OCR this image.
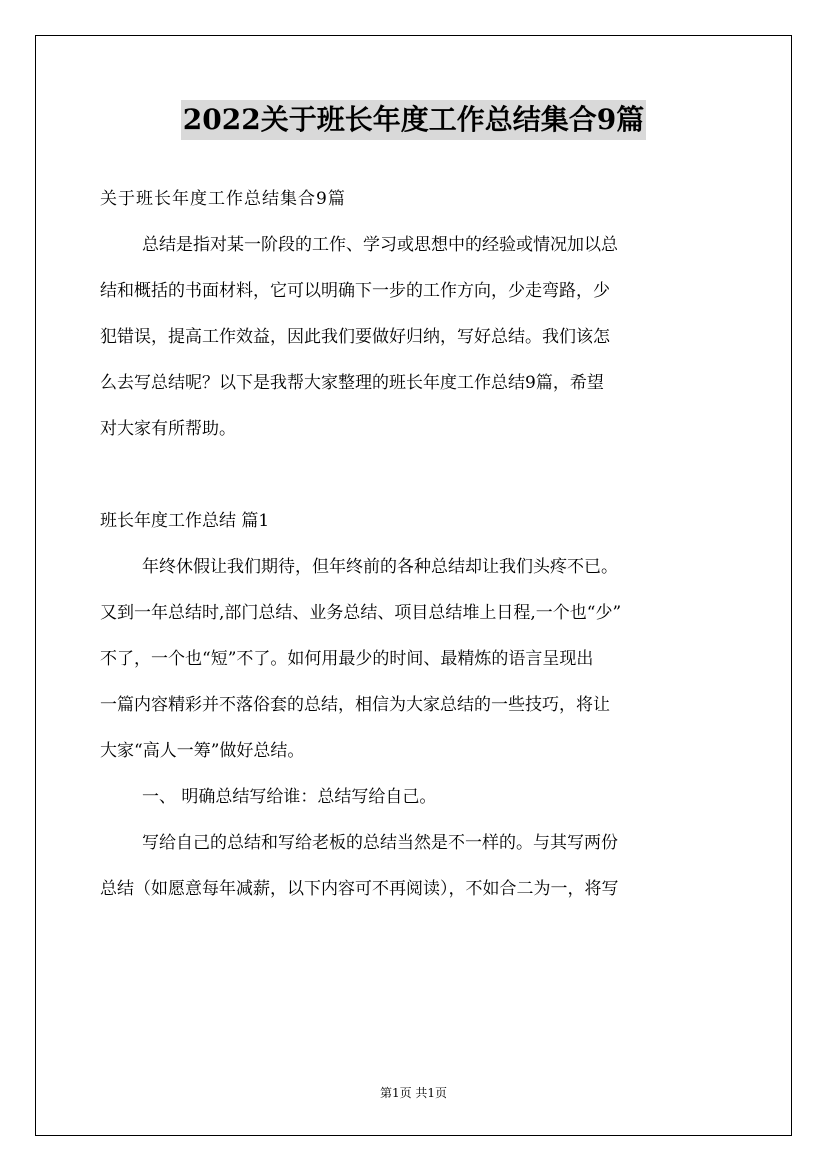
2022关于班长年度工作总结集合9篇
关于班长年度工作总结集合9篇
总结是指对某一阶段的工作、学习或思想中的经验或情况加以总
结和概括的书面材料，它可以明确下一步的工作方向，少走弯路，少
犯错误，提高工作效益，因此我们要做好归纳，写好总结。我们该怎
么去写总结呢？以下是我帮大家整理的班长年度工作总结9篇，希望
对大家有所帮助。
班长年度工作总结 篇1
年终休假让我们期待，但年终前的各种总结却让我们头疼不已。
又到一年总结时,部门总结、业务总结、项目总结堆上日程,一个也“少”
不了，一个也“短”不了。如何用最少的时间、最精炼的语言呈现出
一篇内容精彩并不落俗套的总结，相信为大家总结的一些技巧，将让
大家“高人一筹”做好总结。
一、 明确总结写给谁：总结写给自己。
写给自己的总结和写给老板的总结当然是不一样的。与其写两份
总结（如愿意每年减薪，以下内容可不再阅读），不如合二为一，将写
第1页 共1页
